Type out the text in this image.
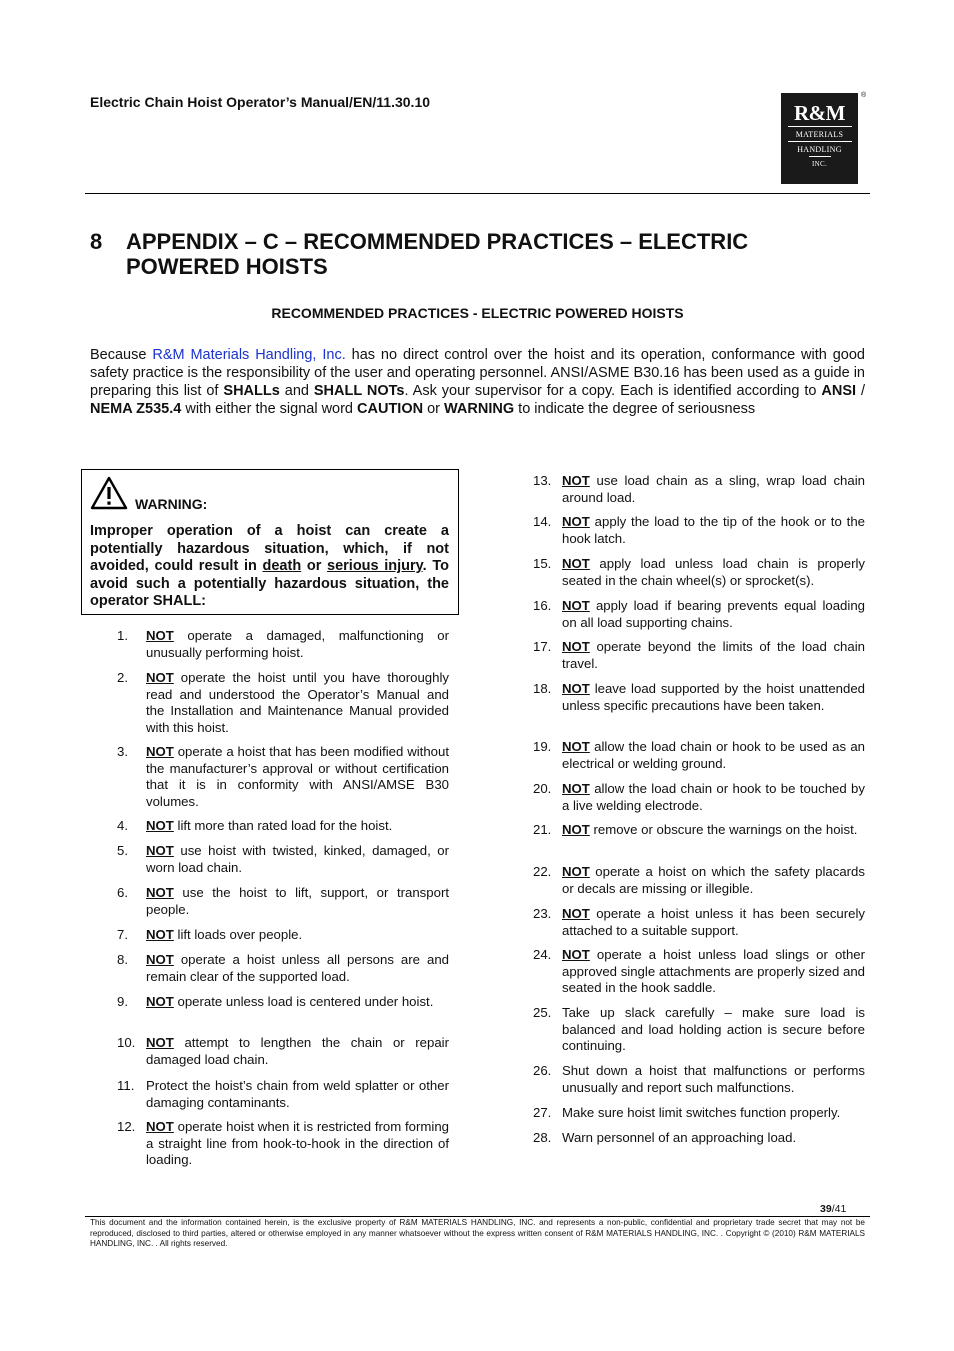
Electric Chain Hoist Operator’s Manual/EN/11.30.10	R&M
MATERIALS
HANDLING
INC.
®
8 APPENDIX – C – RECOMMENDED PRACTICES – ELECTRIC POWERED HOISTS
RECOMMENDED PRACTICES - ELECTRIC POWERED HOISTS
Because R&M Materials Handling, Inc. has no direct control over the hoist and its operation, conformance with good safety practice is the responsibility of the user and operating personnel. ANSI/ASME B30.16 has been used as a guide in preparing this list of SHALLs and SHALL NOTs. Ask your supervisor for a copy. Each is identified according to ANSI / NEMA Z535.4 with either the signal word CAUTION or WARNING to indicate the degree of seriousness
WARNING:
Improper operation of a hoist can create a potentially hazardous situation, which, if not avoided, could result in death or serious injury. To avoid such a potentially hazardous situation, the operator SHALL:
1. NOT operate a damaged, malfunctioning or unusually performing hoist.
2. NOT operate the hoist until you have thoroughly read and understood the Operator’s Manual and the Installation and Maintenance Manual provided with this hoist.
3. NOT operate a hoist that has been modified without the manufacturer’s approval or without certification that it is in conformity with ANSI/AMSE B30 volumes.
4. NOT lift more than rated load for the hoist.
5. NOT use hoist with twisted, kinked, damaged, or worn load chain.
6. NOT use the hoist to lift, support, or transport people.
7. NOT lift loads over people.
8. NOT operate a hoist unless all persons are and remain clear of the supported load.
9. NOT operate unless load is centered under hoist.
10. NOT attempt to lengthen the chain or repair damaged load chain.
11. Protect the hoist’s chain from weld splatter or other damaging contaminants.
12. NOT operate hoist when it is restricted from forming a straight line from hook-to-hook in the direction of loading.
13. NOT use load chain as a sling, wrap load chain around load.
14. NOT apply the load to the tip of the hook or to the hook latch.
15. NOT apply load unless load chain is properly seated in the chain wheel(s) or sprocket(s).
16. NOT apply load if bearing prevents equal loading on all load supporting chains.
17. NOT operate beyond the limits of the load chain travel.
18. NOT leave load supported by the hoist unattended unless specific precautions have been taken.
19. NOT allow the load chain or hook to be used as an electrical or welding ground.
20. NOT allow the load chain or hook to be touched by a live welding electrode.
21. NOT remove or obscure the warnings on the hoist.
22. NOT operate a hoist on which the safety placards or decals are missing or illegible.
23. NOT operate a hoist unless it has been securely attached to a suitable support.
24. NOT operate a hoist unless load slings or other approved single attachments are properly sized and seated in the hook saddle.
25. Take up slack carefully – make sure load is balanced and load holding action is secure before continuing.
26. Shut down a hoist that malfunctions or performs unusually and report such malfunctions.
27. Make sure hoist limit switches function properly.
28. Warn personnel of an approaching load.
39/41
This document and the information contained herein, is the exclusive property of R&M MATERIALS HANDLING, INC. and represents a non-public, confidential and proprietary trade secret that may not be reproduced, disclosed to third parties, altered or otherwise employed in any manner whatsoever without the express written consent of R&M MATERIALS HANDLING, INC. . Copyright © (2010) R&M MATERIALS HANDLING, INC. . All rights reserved.
